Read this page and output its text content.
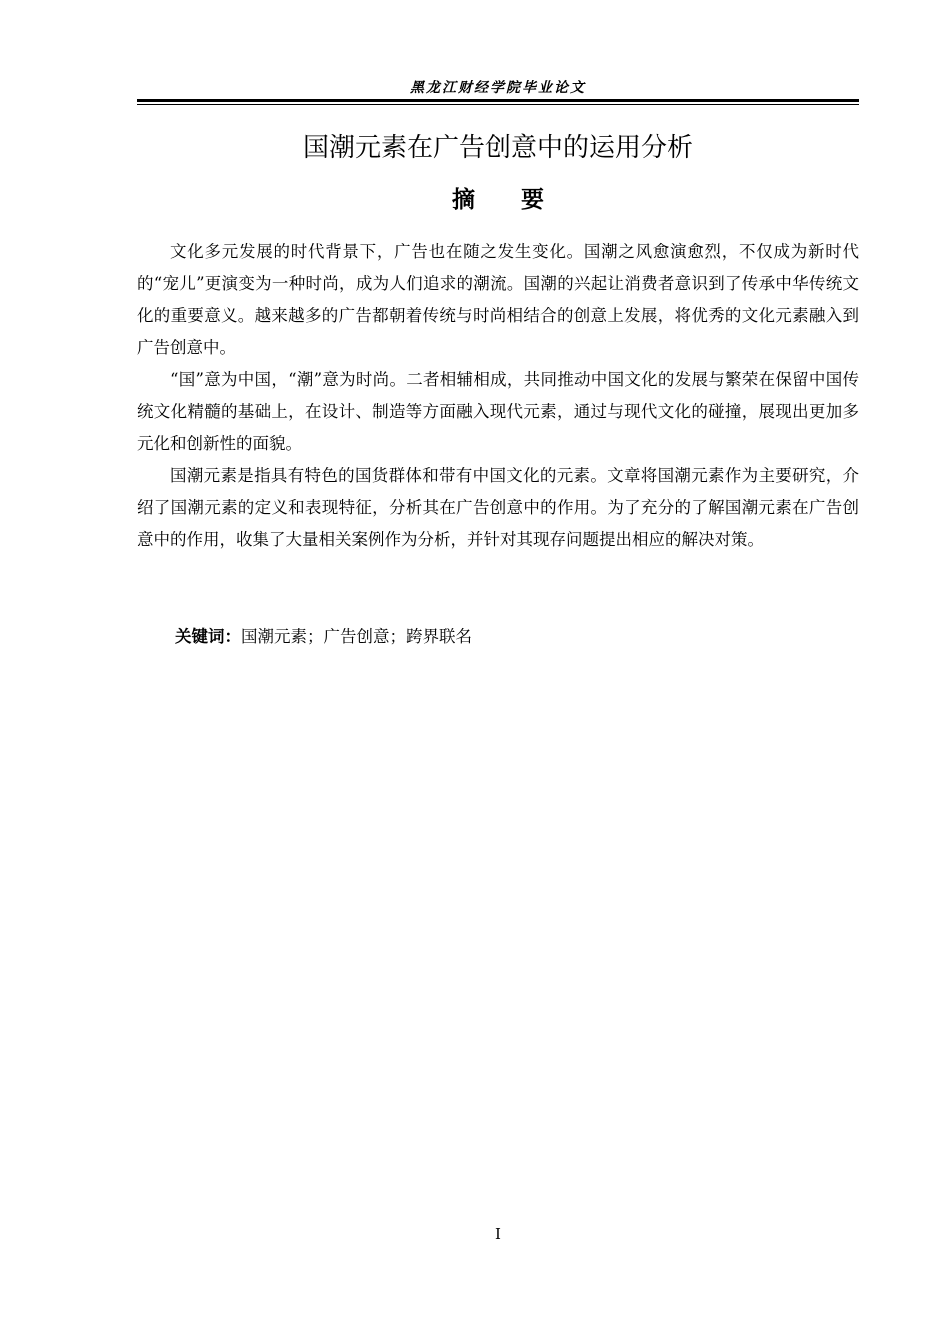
黑龙江财经学院毕业论文
国潮元素在广告创意中的运用分析
摘要

文化多元发展的时代背景下，广告也在随之发生变化。国潮之风愈演愈烈，不仅成为新时代的“宠儿”更演变为一种时尚，成为人们追求的潮流。国潮的兴起让消费者意识到了传承中华传统文化的重要意义。越来越多的广告都朝着传统与时尚相结合的创意上发展，将优秀的文化元素融入到广告创意中。

“国”意为中国，“潮”意为时尚。二者相辅相成，共同推动中国文化的发展与繁荣在保留中国传统文化精髓的基础上，在设计、制造等方面融入现代元素，通过与现代文化的碰撞，展现出更加多元化和创新性的面貌。

国潮元素是指具有特色的国货群体和带有中国文化的元素。文章将国潮元素作为主要研究，介绍了国潮元素的定义和表现特征，分析其在广告创意中的作用。为了充分的了解国潮元素在广告创意中的作用，收集了大量相关案例作为分析，并针对其现存问题提出相应的解决对策。

关键词：国潮元素；广告创意；跨界联名
I
